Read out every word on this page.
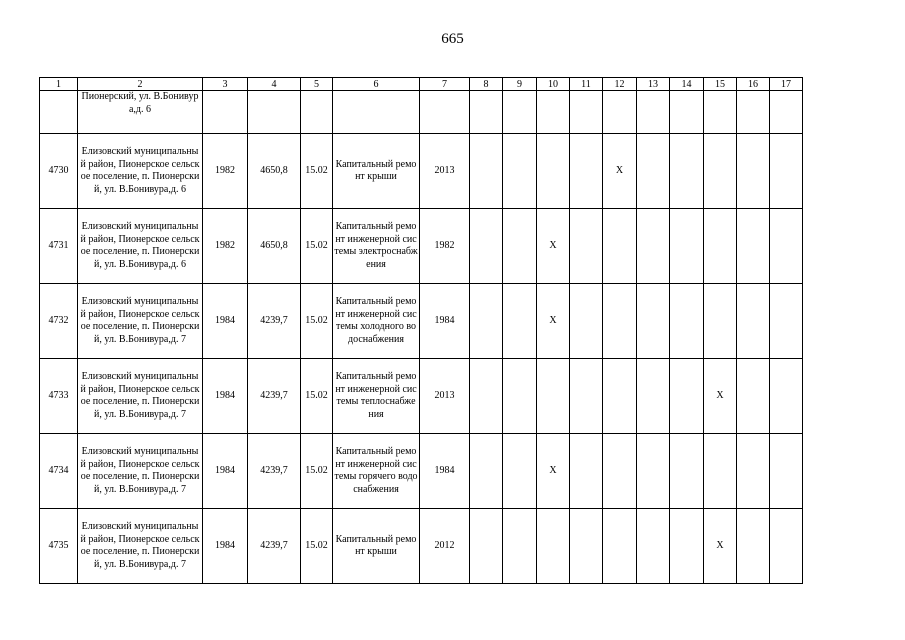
665
1	2	3	4	5	6	7	8	9	10	11	12	13	14	15	16	17
	Пионерский, ул. В.Бонивура,д. 6															
4730	Елизовский муниципальный район, Пионерское сельское поселение, п. Пионерский, ул. В.Бонивура,д. 6	1982	4650,8	15.02	Капитальный ремонт крыши	2013					X					
4731	Елизовский муниципальный район, Пионерское сельское поселение, п. Пионерский, ул. В.Бонивура,д. 6	1982	4650,8	15.02	Капитальный ремонт инженерной системы электроснабжения	1982			X							
4732	Елизовский муниципальный район, Пионерское сельское поселение, п. Пионерский, ул. В.Бонивура,д. 7	1984	4239,7	15.02	Капитальный ремонт инженерной системы холодного водоснабжения	1984			X							
4733	Елизовский муниципальный район, Пионерское сельское поселение, п. Пионерский, ул. В.Бонивура,д. 7	1984	4239,7	15.02	Капитальный ремонт инженерной системы теплоснабжения	2013								X		
4734	Елизовский муниципальный район, Пионерское сельское поселение, п. Пионерский, ул. В.Бонивура,д. 7	1984	4239,7	15.02	Капитальный ремонт инженерной системы горячего водоснабжения	1984			X							
4735	Елизовский муниципальный район, Пионерское сельское поселение, п. Пионерский, ул. В.Бонивура,д. 7	1984	4239,7	15.02	Капитальный ремонт крыши	2012								X		
